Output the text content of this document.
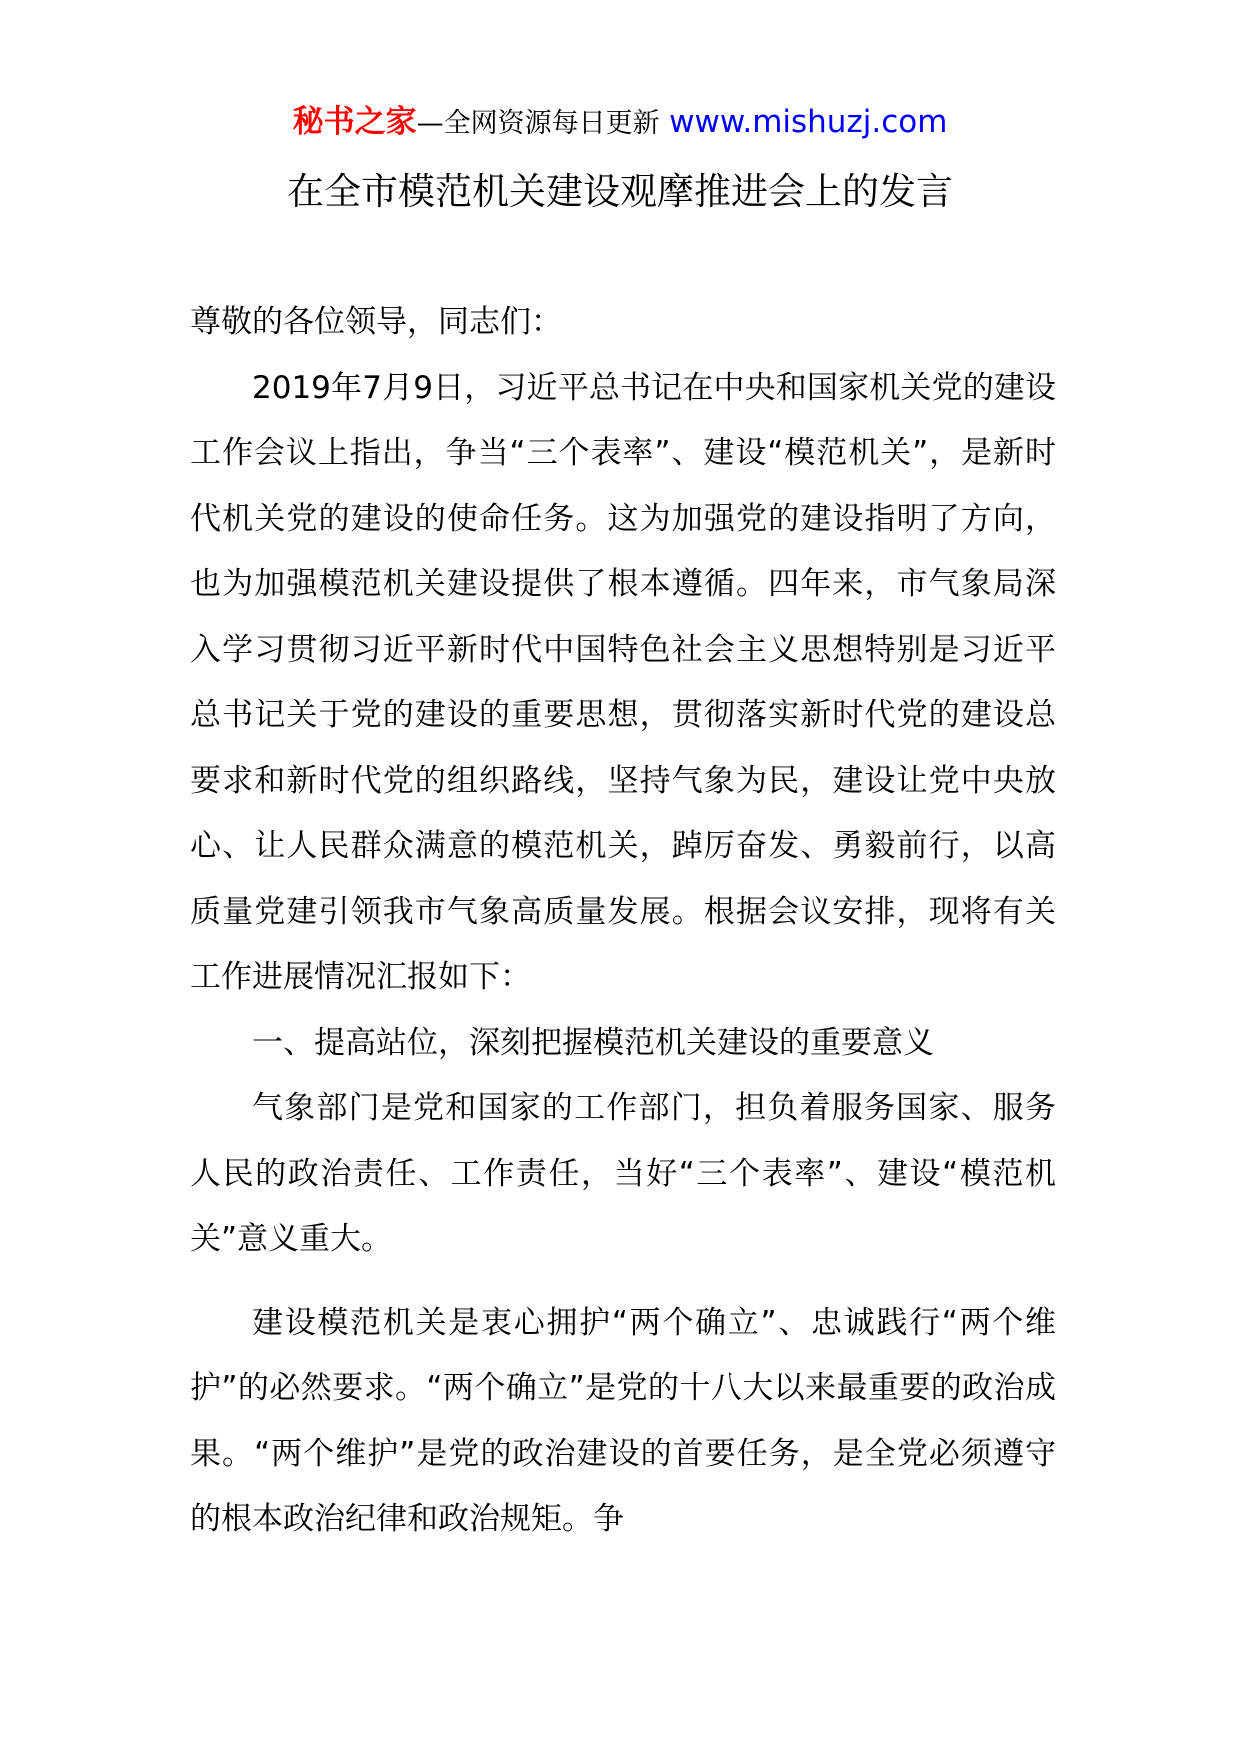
秘书之家—全网资源每日更新 www.mishuzj.com
在全市模范机关建设观摩推进会上的发言

尊敬的各位领导，同志们：

2019年7月9日，习近平总书记在中央和国家机关党的建设工作会议上指出，争当“三个表率”、建设“模范机关”，是新时代机关党的建设的使命任务。这为加强党的建设指明了方向，也为加强模范机关建设提供了根本遵循。四年来，市气象局深入学习贯彻习近平新时代中国特色社会主义思想特别是习近平总书记关于党的建设的重要思想，贯彻落实新时代党的建设总要求和新时代党的组织路线，坚持气象为民，建设让党中央放心、让人民群众满意的模范机关，踔厉奋发、勇毅前行，以高质量党建引领我市气象高质量发展。根据会议安排，现将有关工作进展情况汇报如下：

一、提高站位，深刻把握模范机关建设的重要意义

气象部门是党和国家的工作部门，担负着服务国家、服务人民的政治责任、工作责任，当好“三个表率”、建设“模范机关”意义重大。

建设模范机关是衷心拥护“两个确立”、忠诚践行“两个维护”的必然要求。“两个确立”是党的十八大以来最重要的政治成果。“两个维护”是党的政治建设的首要任务，是全党必须遵守的根本政治纪律和政治规矩。争
